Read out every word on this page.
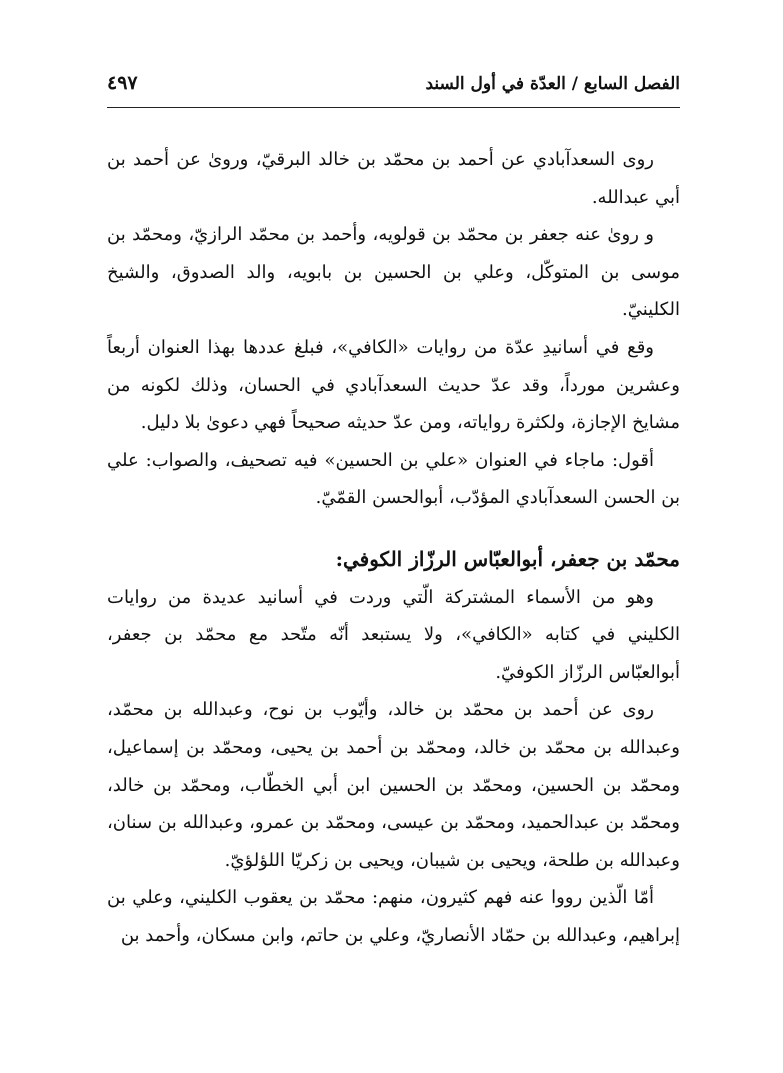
الفصل السابع / العدّة في أول السند
٤٩٧

روى السعدآبادي عن أحمد بن محمّد بن خالد البرقيّ، وروىٰ عن أحمد بن أبي عبدالله.

و روىٰ عنه جعفر بن محمّد بن قولويه، وأحمد بن محمّد الرازيّ، ومحمّد بن موسى بن المتوكّل، وعلي بن الحسين بن بابويه، والد الصدوق، والشيخ الكلينيّ.

وقع في أسانيدِ عدّة من روايات «الكافي»، فبلغ عددها بهذا العنوان أربعاً وعشرين مورداً، وقد عدّ حديث السعدآبادي في الحسان، وذلك لكونه من مشايخ الإجازة، ولكثرة رواياته، ومن عدّ حديثه صحيحاً فهي دعوىٰ بلا دليل.

أقول: ماجاء في العنوان «علي بن الحسين» فيه تصحيف، والصواب: علي بن الحسن السعدآبادي المؤدّب، أبوالحسن القمّيّ.

محمّد بن جعفر، أبوالعبّاس الرزّاز الكوفي:

وهو من الأسماء المشتركة الّتي وردت في أسانيد عديدة من روايات الكليني في كتابه «الكافي»، ولا يستبعد أنّه متّحد مع محمّد بن جعفر، أبوالعبّاس الرزّاز الكوفيّ.

روى عن أحمد بن محمّد بن خالد، وأيّوب بن نوح، وعبدالله بن محمّد، وعبدالله بن محمّد بن خالد، ومحمّد بن أحمد بن يحيى، ومحمّد بن إسماعيل، ومحمّد بن الحسين، ومحمّد بن الحسين ابن أبي الخطّاب، ومحمّد بن خالد، ومحمّد بن عبدالحميد، ومحمّد بن عيسى، ومحمّد بن عمرو، وعبدالله بن سنان، وعبدالله بن طلحة، ويحيى بن شيبان، ويحيى بن زكريّا اللؤلؤيّ.

أمّا الّذين رووا عنه فهم كثيرون، منهم: محمّد بن يعقوب الكليني، وعلي بن إبراهيم، وعبدالله بن حمّاد الأنصاريّ، وعلي بن حاتم، وابن مسكان، وأحمد بن
